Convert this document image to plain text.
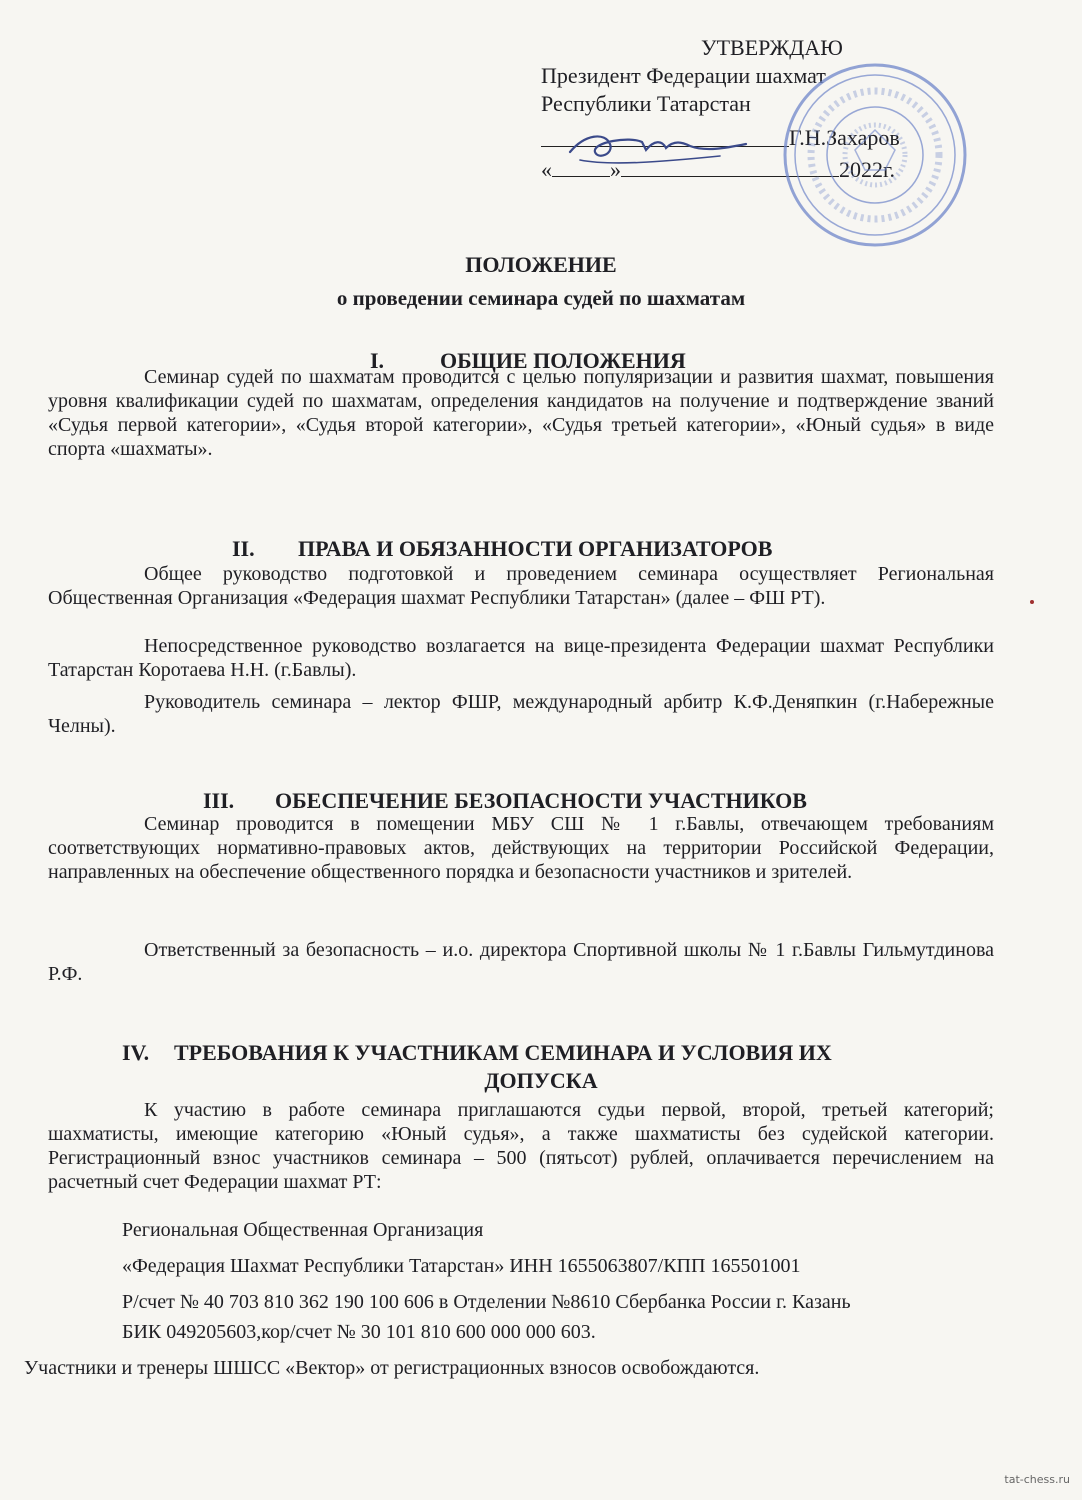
УТВЕРЖДАЮ
Президент Федерации шахмат
Республики Татарстан
Г.Н.Захаров
«	»	2022г.
ПОЛОЖЕНИЕ
о проведении семинара судей по шахматам
I.	ОБЩИЕ ПОЛОЖЕНИЯ

Семинар судей по шахматам проводится с целью популяризации и развития шахмат, повышения уровня квалификации судей по шахматам, определения кандидатов на получение и подтверждение званий «Судья первой категории», «Судья второй категории», «Судья третьей категории», «Юный судья» в виде спорта «шахматы».

II. ПРАВА И ОБЯЗАННОСТИ ОРГАНИЗАТОРОВ

Общее руководство подготовкой и проведением семинара осуществляет Региональная Общественная Организация «Федерация шахмат Республики Татарстан» (далее – ФШ РТ).

Непосредственное руководство возлагается на вице-президента Федерации шахмат Республики Татарстан Коротаева Н.Н. (г.Бавлы).

Руководитель семинара – лектор ФШР, международный арбитр К.Ф.Деняпкин (г.Набережные Челны).

III. ОБЕСПЕЧЕНИЕ БЕЗОПАСНОСТИ УЧАСТНИКОВ

Семинар проводится в помещении МБУ СШ № 1 г.Бавлы, отвечающем требованиям соответствующих нормативно-правовых актов, действующих на территории Российской Федерации, направленных на обеспечение общественного порядка и безопасности участников и зрителей.

Ответственный за безопасность – и.о. директора Спортивной школы № 1 г.Бавлы Гильмутдинова Р.Ф.

IV. ТРЕБОВАНИЯ К УЧАСТНИКАМ СЕМИНАРА И УСЛОВИЯ ИХ
ДОПУСКА

К участию в работе семинара приглашаются судьи первой, второй, третьей категорий; шахматисты, имеющие категорию «Юный судья», а также шахматисты без судейской категории. Регистрационный взнос участников семинара – 500 (пятьсот) рублей, оплачивается перечислением на расчетный счет Федерации шахмат РТ:

Региональная Общественная Организация
«Федерация Шахмат Республики Татарстан» ИНН 1655063807/КПП 165501001
Р/счет № 40 703 810 362 190 100 606 в Отделении №8610 Сбербанка России г. Казань
БИК 049205603,кор/счет № 30 101 810 600 000 000 603.
Участники и тренеры ШШСС «Вектор» от регистрационных взносов освобождаются.
tat-chess.ru
